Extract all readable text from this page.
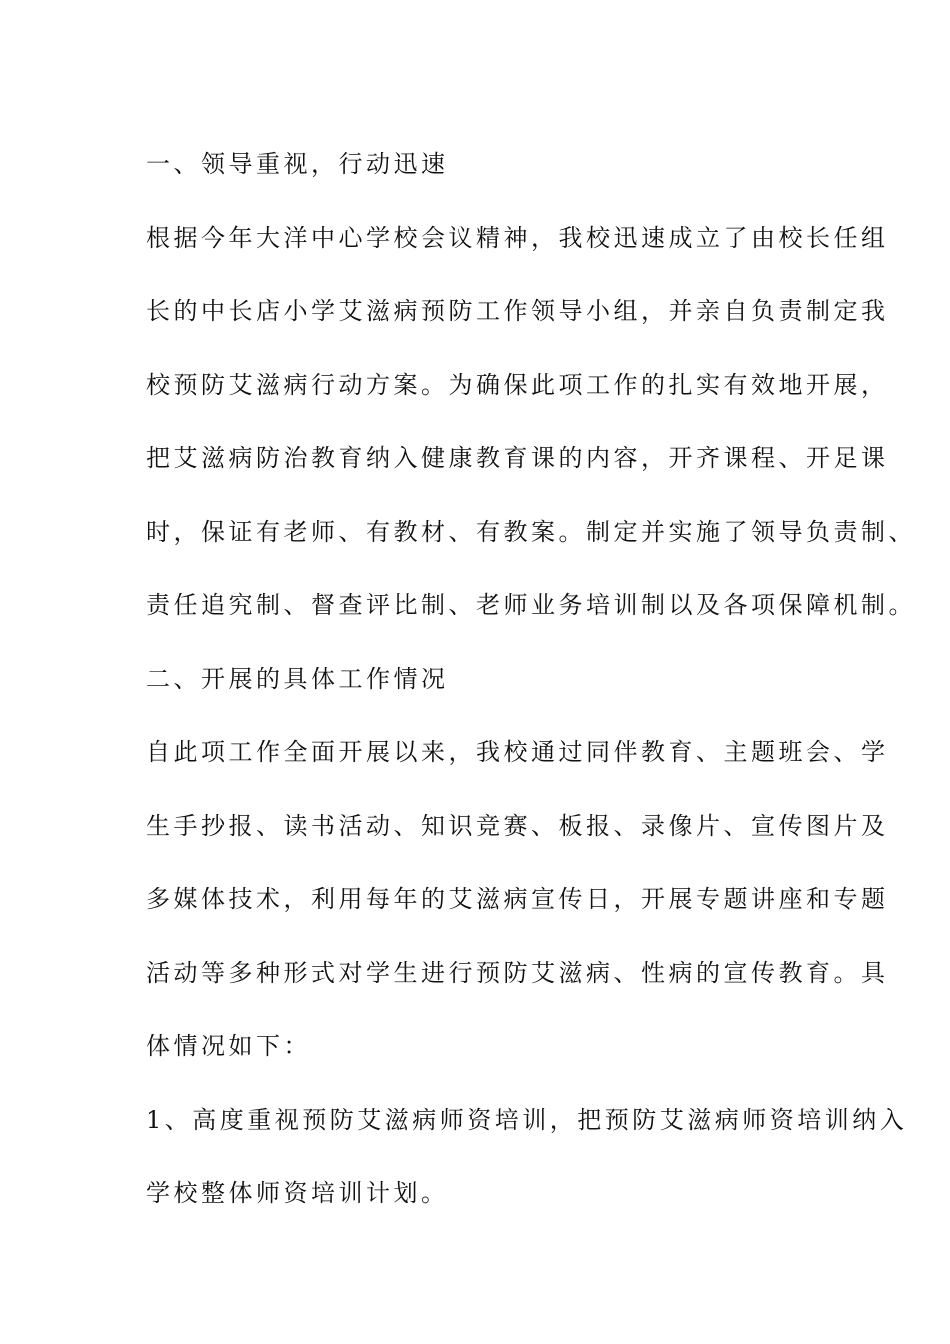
一、领导重视，行动迅速
根据今年大洋中心学校会议精神，我校迅速成立了由校长任组
长的中长店小学艾滋病预防工作领导小组，并亲自负责制定我
校预防艾滋病行动方案。为确保此项工作的扎实有效地开展，
把艾滋病防治教育纳入健康教育课的内容，开齐课程、开足课
时，保证有老师、有教材、有教案。制定并实施了领导负责制、
责任追究制、督查评比制、老师业务培训制以及各项保障机制。
二、开展的具体工作情况
自此项工作全面开展以来，我校通过同伴教育、主题班会、学
生手抄报、读书活动、知识竞赛、板报、录像片、宣传图片及
多媒体技术，利用每年的艾滋病宣传日，开展专题讲座和专题
活动等多种形式对学生进行预防艾滋病、性病的宣传教育。具
体情况如下：
1、高度重视预防艾滋病师资培训，把预防艾滋病师资培训纳入
学校整体师资培训计划。
